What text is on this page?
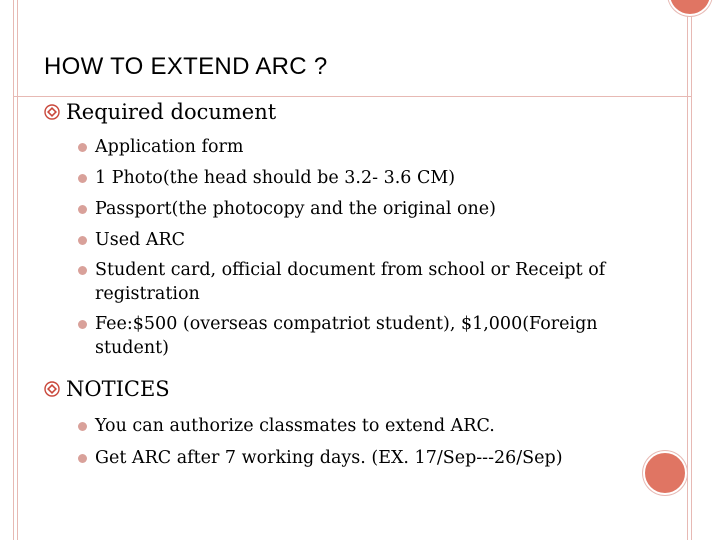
HOW TO EXTEND ARC ?
Required document
Application form
1 Photo(the head should be 3.2- 3.6 CM)
Passport(the photocopy and the original one)
Used ARC
Student card, official document from school or Receipt of registration
Fee:$500 (overseas compatriot student), $1,000(Foreign student)
NOTICES
You can authorize classmates to extend ARC.
Get ARC after 7 working days. (EX. 17/Sep---26/Sep)
